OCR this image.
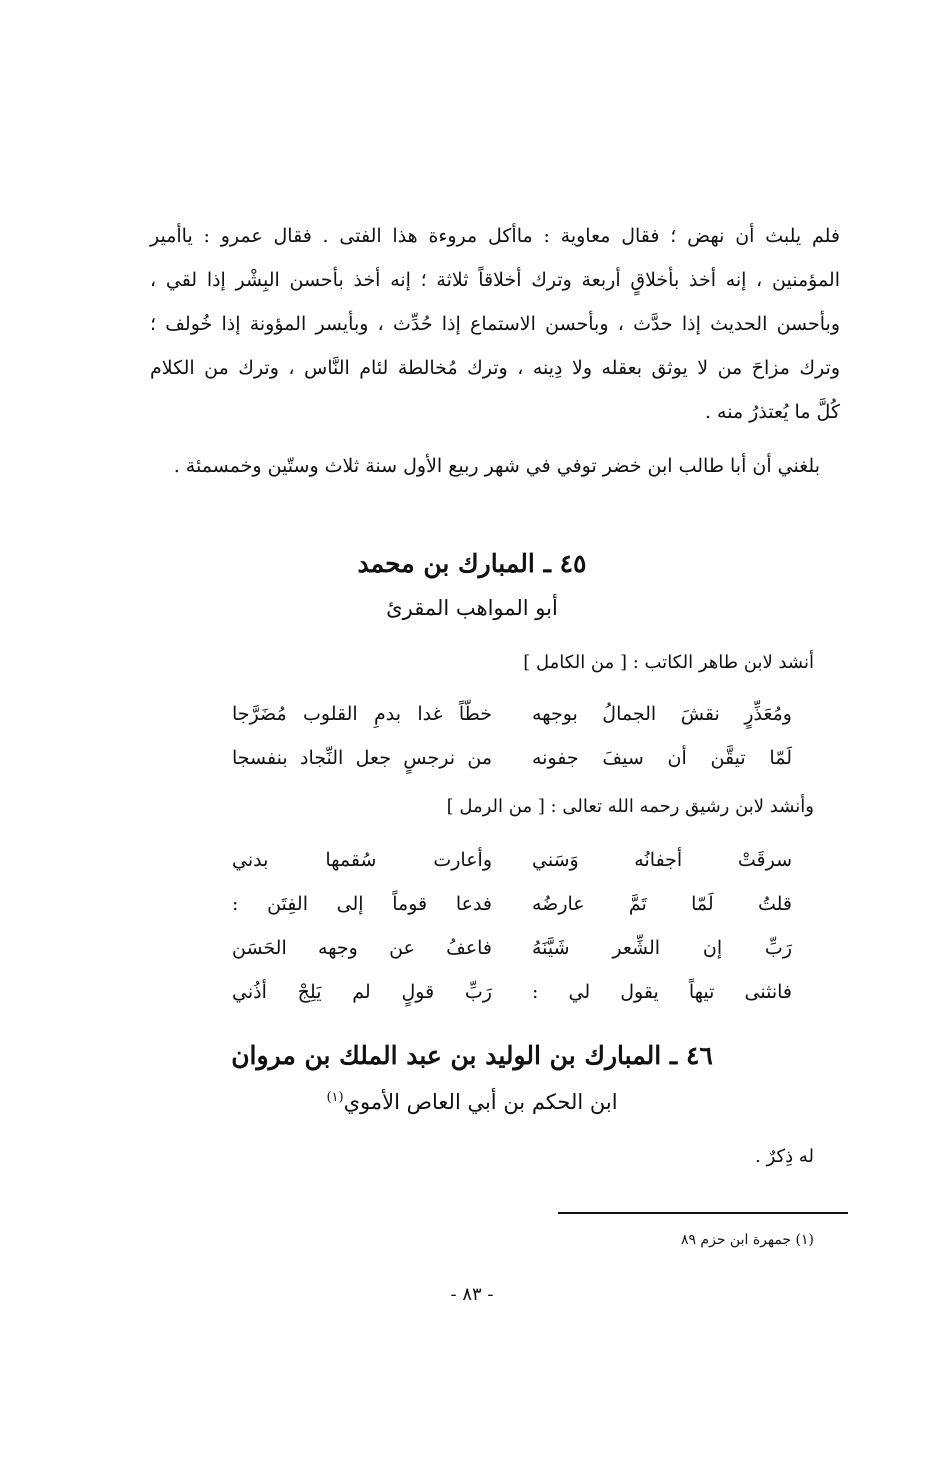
فلم يلبث أن نهض ؛ فقال معاوية : ماأكل مروءة هذا الفتى . فقال عمرو : ياأمير
المؤمنين ، إنه أخذ بأخلاقٍ أربعة وترك أخلاقاً ثلاثة ؛ إنه أخذ بأحسن البِشْر إذا لقي ،
وبأحسن الحديث إذا حدَّث ، وبأحسن الاستماع إذا حُدِّث ، وبأيسر المؤونة إذا خُولف ؛
وترك مزاحَ من لا يوثق بعقله ولا دِينه ، وترك مُخالطة لئام النَّاس ، وترك من الكلام
كُلَّ ما يُعتذرُ منه .
بلغني أن أبا طالب ابن خضر توفي في شهر ربيع الأول سنة ثلاث وستّين وخمسمئة .
٤٥ ـ المبارك بن محمد
أبو المواهب المقرئ
أنشد لابن طاهر الكاتب : [ من الكامل ]
ومُعَذِّرٍ نقشَ الجمالُ بوجهه
خطّاً غدا بدمِ القلوب مُضَرَّجا
لَمّا تيقَّن أن سيفَ جفونه
من نرجسٍ جعل النِّجاد بنفسجا
وأنشد لابن رشيق رحمه الله تعالى : [ من الرمل ]
سرقَتْ أجفانُه وَسَني
وأعارت سُقمها بدني
قلتُ لَمّا تَمَّ عارضُه
فدعا قوماً إلى الفِتَن :
رَبِّ إن الشِّعر شَيَّنَهُ
فاعفُ عن وجهه الحَسَن
فانثنى تيهاً يقول لي :
رَبِّ قولٍ لم يَلِجْ أذُني
٤٦ ـ المبارك بن الوليد بن عبد الملك بن مروان
ابن الحكم بن أبي العاص الأموي$^{(١)}$
له ذِكرٌ .
(١) جمهرة ابن حزم ٨٩
- ٨٣ -
